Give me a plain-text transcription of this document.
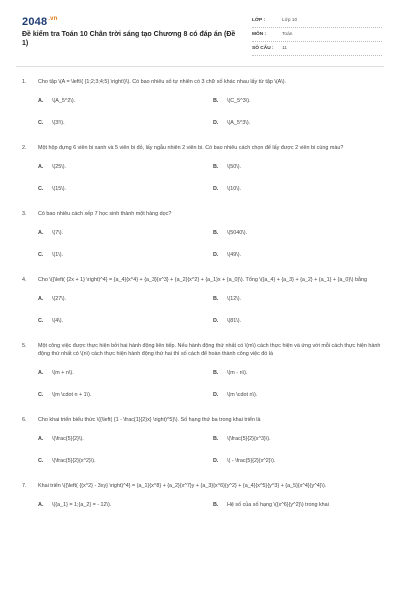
$2048^{.vn}$
Đề kiểm tra Toán 10 Chân trời sáng tạo Chương 8 có đáp án (Đề 1)
LỚP :	Lớp 10
MÔN :	Toán
SỐ CÂU :	11
1. Cho tập \(A = \left\{ {1;2;3;4;5} \right\}\). Có bao nhiêu số tự nhiên có 3 chữ số khác nhau lấy từ tập \(A\).
A.	\(A_5^2\).	B.	\(C_5^3\).
C.	\(3!\).	D.	\(A_5^3\).
2. Một hộp đựng 6 viên bi xanh và 5 viên bi đỏ, lấy ngẫu nhiên 2 viên bi. Có bao nhiêu cách chọn để lấy được 2 viên bi cùng màu?
A.	\(25\).	B.	\(50\).
C.	\(15\).	D.	\(10\).
3. Có bao nhiêu cách xếp 7 học sinh thành một hàng dọc?
A.	\(7\).	B.	\(5040\).
C.	\(1\).	D.	\(49\).
4. Cho \({\left( {2x + 1} \right)^4} = {a_4}{x^4} + {a_3}{x^3} + {a_2}{x^2} + {a_1}x + {a_0}\). Tổng \({a_4} + {a_3} + {a_2} + {a_1} + {a_0}\) bằng
A.	\(27\).	B.	\(12\).
C.	\(4\).	D.	\(81\).
5. Một công việc được thực hiện bởi hai hành động liên tiếp. Nếu hành động thứ nhất có \(m\) cách thực hiện và ứng với mỗi cách thực hiện hành động thứ nhất có \(n\) cách thực hiện hành động thứ hai thì số cách để hoàn thành công việc đó là
A.	\(m + n\).	B.	\(m - n\).
C.	\(m \cdot n + 1\).	D.	\(m \cdot n\).
6. Cho khai triển biểu thức \({\left( {1 - \frac{1}{2}x} \right)^5}\). Số hạng thứ ba trong khai triển là
A.	\(\frac{5}{2}\).	B.	\(\frac{5}{2}{x^3}\).
C.	\(\frac{5}{2}{x^2}\).	D.	\( - \frac{5}{2}{x^2}\).
7. Khai triển \({\left( {{x^2} - 3xy} \right)^4} = {a_1}{x^8} + {a_2}{x^7}y + {a_3}{x^6}{y^2} + {a_4}{x^5}{y^3} + {a_5}{x^4}{y^4}\).
A.	\({a_1} = 1;{a_2} = - 12\).	B.	Hệ số của số hạng \({x^6}{y^2}\) trong khai
